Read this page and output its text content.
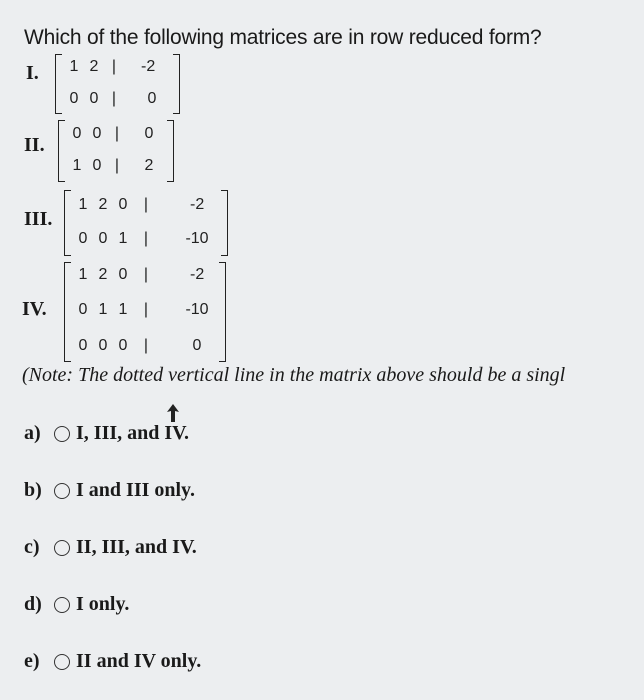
Which of the following matrices are in row reduced form?
I. 1 2 | -2
0 0 | 0
II.
0 0 | 0
1 0 | 2
III.
1 2 0 |	-2
0 0 1 | -10
IV.
1 2 0 |	-2
0 1 1 | -10
0 0 0 |	0
(Note: The dotted vertical line in the matrix above should be a singl
a)	I, III, and IV.
b)	I and III only.
c)	II, III, and IV.
d)	I only.
e)	II and IV only.
